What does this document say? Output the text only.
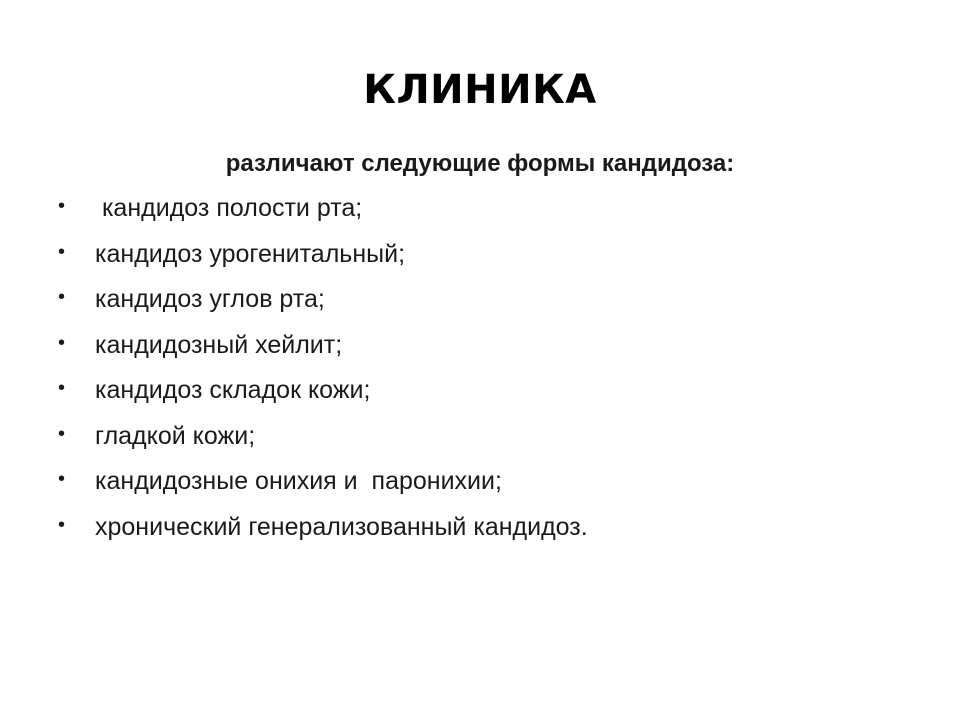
КЛИНИКА
различают следующие формы кандидоза:
•	кандидоз полости рта;
•	кандидоз урогенитальный;
•	кандидоз углов рта;
•	кандидозный хейлит;
•	кандидоз складок кожи;
•	гладкой кожи;
•	кандидозные онихия и  паронихии;
•	хронический генерализованный кандидоз.
